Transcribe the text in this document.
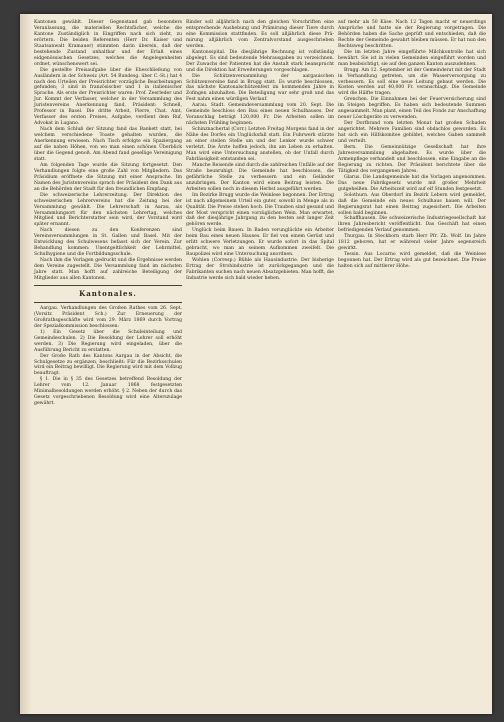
Kantonen gewählt. Dieser Gegenstand gab besonders Veranlassung, die materiellen Rechtsfächer, welche die Kantone Zuständiglich in Eingriffen nach sich zieht, zu erörtern. Die beiden Referenten (Herr Dr. Kaiser und Staatsanwalt Kramauer) stimmten darin überein, daß der bestehende Zustand unhaltbar und der Erlaß eines eidgenössischen Gesetzes, welches die Angelegenheiten ordnet, wünschenswert sei.

Die gestellte Preisaufgabe über die Eheschließung von Ausländern in der Schweiz (Art. 54 Bundesg. über C.-St.) hat 4 nach den Urteilen der Preisrichter vorzügliche Bearbeitungen gefunden; 3 sind in französischer und 1 in italienischer Sprache. Als erste der Preisrichter waren: Prof. Zeerleder und Jur. Kommt der Verfasser, welcher in der Versammlung des Juristenvereins Anerkennung fand, Präsident: Schnell, Professor in Basel. Die dritte Arbeit, Pierre, Chat. Amt, Verfasser des ersten Preises, Aufgabe, verdient dem Ruf, Advokat in Lugano.

Nach dem Schluß der Sitzung fand das Bankett statt, bei welchem verschiedene Toaste gehalten wurden, die Anerkennung erwiesen. Nach Tisch erfolgte ein Spaziergang auf die nahen Höhen, von wo man einen schönen Überblick über die Gegend genoß. Am Abend fand gesellige Vereinigung statt.

Am folgenden Tage wurde die Sitzung fortgesetzt. Den Verhandlungen folgte eine große Zahl von Mitgliedern. Das Präsidium eröffnete die Sitzung mit einer Ansprache. Im Namen des Juristenvereins sprach der Präsident den Dank aus an die Behörden der Stadt für den freundlichen Empfang.

Die schweizerische Lehrerzeitung. Der Direktion des schweizerischen Lehrervereins hat die Zeitung bei der Versammlung gewählt. Die Lehrerschaft in Aarau, als Versammlungsort für den nächsten Lehrertag, welches Mitglied und Berichterstatter sein wird, der Vorstand wird später ernannt.

Nach diesen zu den Konferenzen sind Vereinsversammlungen in St. Gallen und Basel. Mit der Entwicklung des Schulwesens befasst sich der Verein. Zur Behandlung kommen: Unentgeltlichkeit der Lehrmittel, Schulhygiene und die Fortbildungsschule.

Nach ihm die Vorlagen gedruckt und die Ergebnisse werden dem Vereine zugestellt. Die Versammlung fand im nächsten Jahre statt. Man hofft auf zahlreiche Beteiligung der Mitglieder aus allen Kantonen.

Kantonales.

Aargau. Verhandlungen des Großen Rathes vom 26. Sept. (Vorsitz Präsident Sch.) Zur Erneuerung der Großrathsgeschäfte wird vom 29. März 1869 durch Vortrag der Spezialkommission beschlossen:

1) Ein Gesetz über die Schuleinteilung und Gemeindeschulen. 2) Die Besoldung der Lehrer soll erhöht werden. 3) Die Regierung wird eingeladen, über die Ausführung Bericht zu erstatten.

Der Große Rath des Kantons Aargau in der Absicht, die Schulgesetze zu ergänzen, beschließt: Für die Bezirksschulen wird ein Beitrag bewilligt. Die Regierung wird mit dem Vollzug beauftragt.

§ 1. Die in § 35 des Gesetzes betreffend Besoldung der Lehrer vom 12. Januar 1868 festgesetzten Minimalbesoldungen werden erhöht. § 2. Neben der durch das Gesetz vorgeschriebenen Besoldung wird eine Alterszulage gewährt.

Rinder soll alljährlich nach den gleichen Vorschriften eine entsprechende Aushebung und Prämirung dieser Tiere durch eine Kommission stattfinden. Es soll alljährlich diese Prämirung alljährlich vom Zentralvorstand ausgeschrieben werden.

Kantonsspital. Die diesjährige Rechnung ist vollständig abgelegt. Es sind bedeutende Mehrausgaben zu verzeichnen. Der Zuwachs der Patienten hat die Anstalt stark beansprucht und die Direktion hat Erweiterungen vorgeschlagen.

Die Schützenversammlung der aargauischen Schützenvereine fand in Brugg statt. Es wurde beschlossen, das nächste Kantonalschützenfest im kommenden Jahre in Zofingen abzuhalten. Die Beteiligung war sehr groß und das Fest nahm einen würdigen Verlauf.

Aarau. Stadt. Gemeindeversammlung vom 20. Sept. Die Gemeinde beschloss den Bau eines neuen Schulhauses. Der Voranschlag beträgt 120,000 Fr. Die Arbeiten sollen im nächsten Frühling beginnen.

Schinznachertal (Corr.) Letzten Freitag Morgens fand in der Nähe des Dorfes ein Unglücksfall statt. Ein Fuhrwerk stürzte an einer steilen Stelle um und der Lenker wurde schwer verletzt. Die Ärzte hoffen jedoch, ihn am Leben zu erhalten. Man wird eine Untersuchung anstellen, ob der Unfall durch Fahrlässigkeit entstanden sei.

Manche Reisende sind durch die zahlreichen Unfälle auf der Straße beunruhigt. Die Gemeinde hat beschlossen, die gefährliche Stelle zu verbessern und ein Geländer anzubringen. Der Kanton wird einen Beitrag leisten. Die Arbeiten sollen noch in diesem Herbst ausgeführt werden.

Im Bezirke Brugg wurde die Weinlese begonnen. Der Ertrag ist nach allgemeinem Urteil ein guter, sowohl in Menge als in Qualität. Die Preise stehen hoch. Die Trauben sind gesund und der Most verspricht einen vorzüglichen Wein. Man erwartet, daß der diesjährige Jahrgang zu den besten seit langer Zeit gehören werde.

Unglück beim Bauen. In Baden verunglückte ein Arbeiter beim Bau eines neuen Hauses. Er fiel von einem Gerüst und erlitt schwere Verletzungen. Er wurde sofort in das Spital gebracht, wo man an seinem Aufkommen zweifelt. Die Baupolizei wird eine Untersuchung anordnen.

Wohlen (Corresp.) Bühle als Hausindustrie. Der bisherige Ertrag der Strohindustrie ist zurückgegangen und die Fabrikanten suchen nach neuen Absatzgebieten. Man hofft, die Industrie werde sich bald wieder heben.

auf mehr als 50 Käse. Nach 12 Tagen macht er neuerdings Ansprüche und hatte sie der Regierung vorgetragen. Die Behörden haben die Sache geprüft und entschieden, daß die Rechte der Gemeinde gewahrt bleiben müssen. Er hat nun den Rechtsweg beschritten.

Die im letzten Jahre eingeführte Milchkontrolle hat sich bewährt. Sie ist in vielen Gemeinden eingeführt worden und man beabsichtigt, sie auf den ganzen Kanton auszudehnen.

Brugg. Am 12. September ist der Gemeinderat mit der Stadt in Verhandlung getreten, um die Wasserversorgung zu verbessern. Es soll eine neue Leitung gebaut werden. Die Kosten werden auf 40,000 Fr. veranschlagt. Die Gemeinde wird die Hälfte tragen.

Grenchen. Die Einnahmen bei der Feuerversicherung sind im Steigen begriffen. Es haben sich bedeutende Summen angesammelt. Man plant, einen Teil des Fonds zur Anschaffung neuer Löschgeräte zu verwenden.

Der Dorfbrand vom letzten Monat hat großen Schaden angerichtet. Mehrere Familien sind obdachlos geworden. Es hat sich ein Hilfskomitee gebildet, welches Gaben sammelt und verteilt.

Bern. Die Gemeinnützige Gesellschaft hat ihre Jahresversammlung abgehalten. Es wurde über die Armenpflege verhandelt und beschlossen, eine Eingabe an die Regierung zu richten. Der Präsident berichtete über die Tätigkeit des vergangenen Jahres.

Glarus. Die Landsgemeinde hat die Vorlagen angenommen. Das neue Fabrikgesetz wurde mit großer Mehrheit gutgeheißen. Die Arbeitszeit wird auf elf Stunden festgesetzt.

Solothurn. Aus Oberdorf im Bezirk Lebern wird gemeldet, daß die Gemeinde ein neues Schulhaus bauen will. Der Regierungsrat hat einen Beitrag zugesichert. Die Arbeiten sollen bald beginnen.

Schaffhausen. Die schweizerische Industriegesellschaft hat ihren Jahresbericht veröffentlicht. Das Geschäft hat einen befriedigenden Verlauf genommen.

Thurgau. In Steckborn starb Herr Pfr. Zb. Wolf. Im Jahre 1812 geboren, hat er während vieler Jahre segensreich gewirkt.

Tessin. Aus Locarno wird gemeldet, daß die Weinlese begonnen hat. Der Ertrag wird als gut bezeichnet. Die Preise halten sich auf mittlerer Höhe.
